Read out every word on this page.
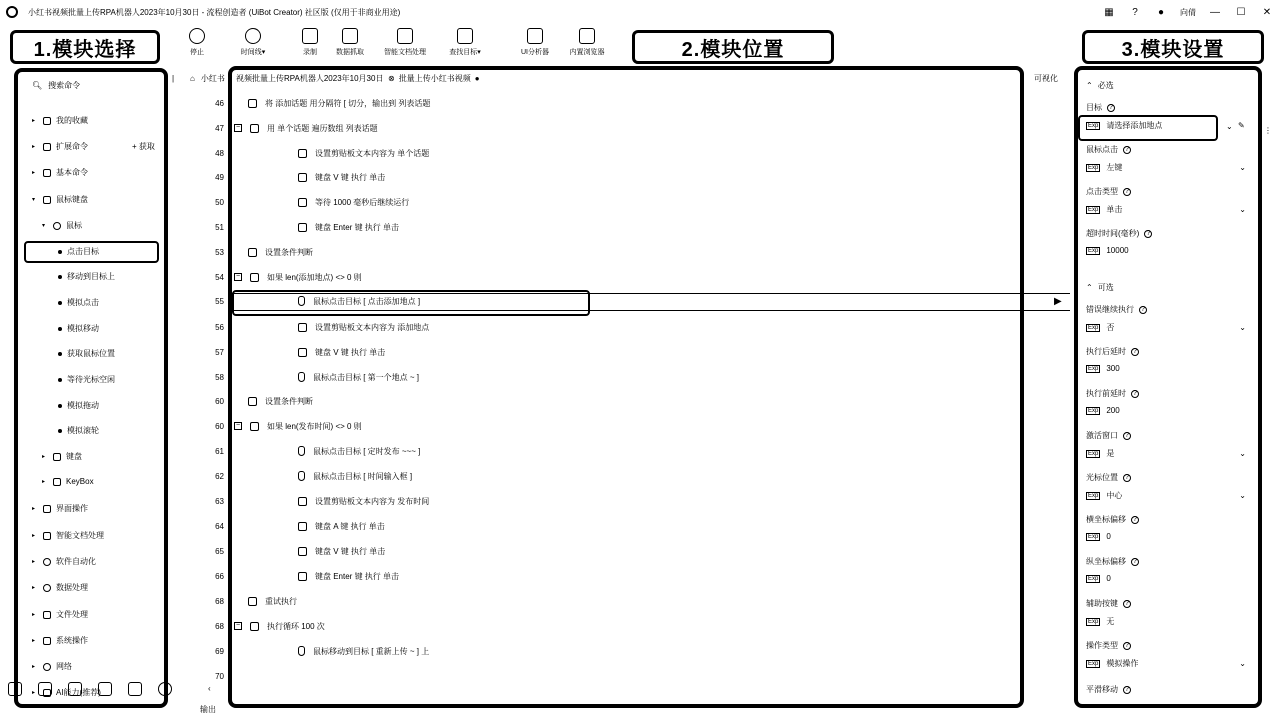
小红书视频批量上传RPA机器人2023年10月30日 - 流程创造者 (UiBot Creator) 社区版 (仅用于非商业用途)	▦	?	●	向倩 — ☐ ✕
停止	时间线▾	录制	数据抓取	智能文档处理	查找目标▾	UI分析器	内置浏览器
1.模块选择	2.模块位置	3.模块设置
🔍︎ 搜索命令
▸	我的收藏
▸	扩展命令	+ 获取
▸	基本命令
▾	鼠标键盘
▾	鼠标
点击目标
移动到目标上
模拟点击
模拟移动
获取鼠标位置
等待光标空闲
模拟拖动
模拟滚轮
▸	键盘
▸	KeyBox
▸	界面操作
▸	智能文档处理
▸	软件自动化
▸	数据处理
▸	文件处理
▸	系统操作
▸	网络
▸	AI能力(推荐)	‹
输出
⌂ 小红书
|	视频批量上传RPA机器人2023年10月30日 ⊗ 批量上传小红书视频 ●	可视化
▶
46	将 添加话题 用分隔符 [ 切分，输出到 列表话题
47 −	用 单个话题 遍历数组 列表话题
48	设置剪贴板文本内容为 单个话题
49	键盘 V 键 执行 单击
50	等待 1000 毫秒后继续运行
51	键盘 Enter 键 执行 单击
53	设置条件判断
54 −	如果 len(添加地点) <> 0 则
55	鼠标点击目标 [ 点击添加地点 ]
56	设置剪贴板文本内容为 添加地点
57	键盘 V 键 执行 单击
58	鼠标点击目标 [ 第一个地点 ~ ]
60	设置条件判断
60 −	如果 len(发布时间) <> 0 则
61	鼠标点击目标 [ 定时发布 ~~~ ]
62	鼠标点击目标 [ 时间输入框 ]
63	设置剪贴板文本内容为 发布时间
64	键盘 A 键 执行 单击
65	键盘 V 键 执行 单击
66	键盘 Enter 键 执行 单击
68	重试执行
68 −	执行循环 100 次
69	鼠标移动到目标 [ 重新上传 ~ ] 上
70
⋮
⌃ 必选
⌃ 可选
⌄ ✎
目标 ?
Exp 请选择添加地点
鼠标点击 ?
Exp 左键	⌄
点击类型 ?
Exp 单击	⌄
超时时间(毫秒) ?
Exp 10000
错误继续执行 ?
Exp 否	⌄
执行后延时 ?
Exp 300
执行前延时 ?
Exp 200
激活窗口 ?
Exp 是	⌄
光标位置 ?
Exp 中心	⌄
横坐标偏移 ?
Exp 0
纵坐标偏移 ?
Exp 0
辅助按键 ?
Exp 无
操作类型 ?
Exp 模拟操作	⌄
平滑移动 ?
